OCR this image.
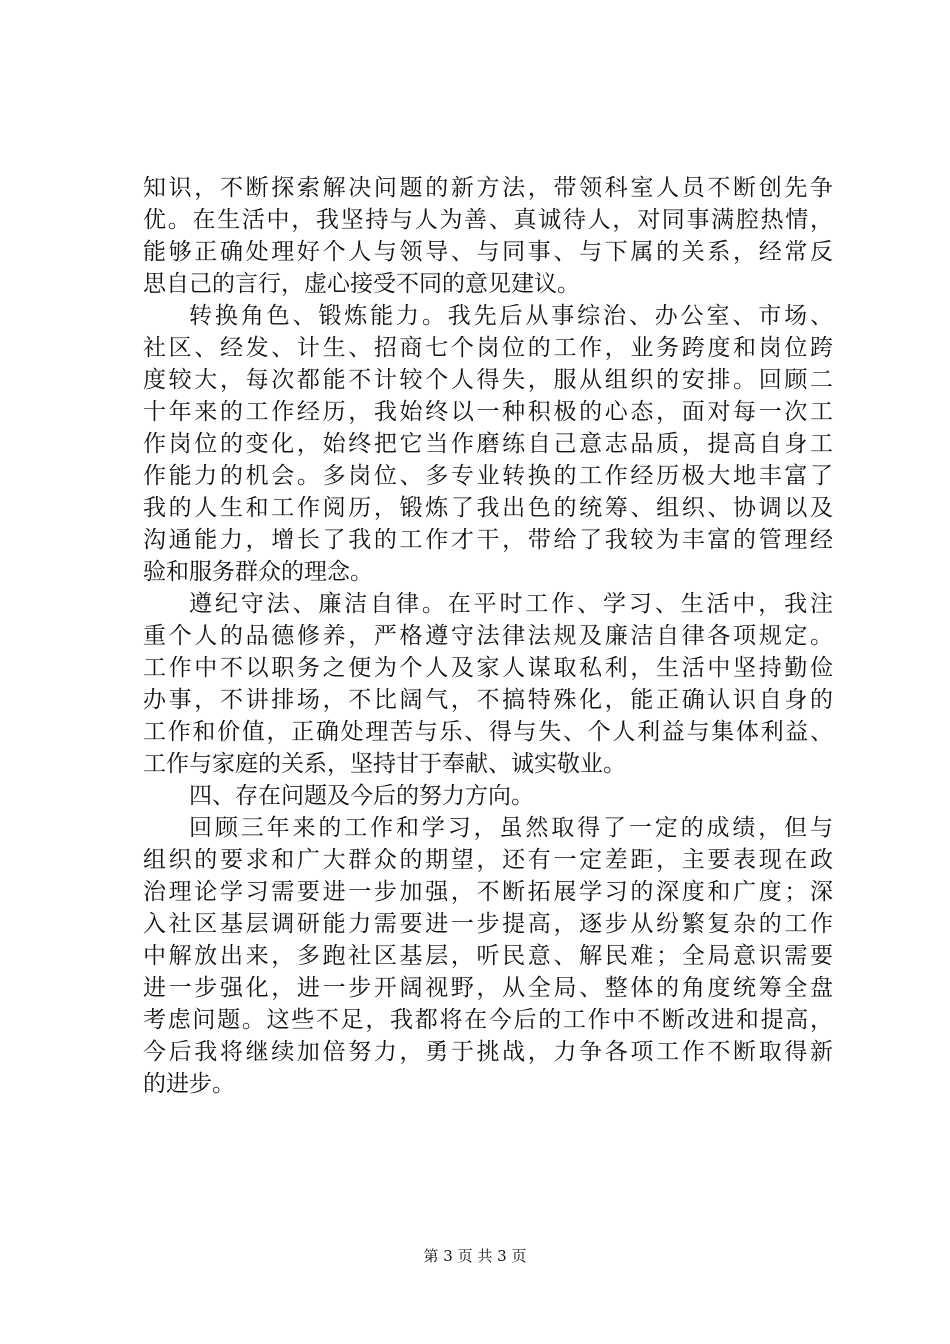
知识，不断探索解决问题的新方法，带领科室人员不断创先争
优。在生活中，我坚持与人为善、真诚待人，对同事满腔热情，
能够正确处理好个人与领导、与同事、与下属的关系，经常反
思自己的言行，虚心接受不同的意见建议。
转换角色、锻炼能力。我先后从事综治、办公室、市场、
社区、经发、计生、招商七个岗位的工作，业务跨度和岗位跨
度较大，每次都能不计较个人得失，服从组织的安排。回顾二
十年来的工作经历，我始终以一种积极的心态，面对每一次工
作岗位的变化，始终把它当作磨练自己意志品质，提高自身工
作能力的机会。多岗位、多专业转换的工作经历极大地丰富了
我的人生和工作阅历，锻炼了我出色的统筹、组织、协调以及
沟通能力，增长了我的工作才干，带给了我较为丰富的管理经
验和服务群众的理念。
遵纪守法、廉洁自律。在平时工作、学习、生活中，我注
重个人的品德修养，严格遵守法律法规及廉洁自律各项规定。
工作中不以职务之便为个人及家人谋取私利，生活中坚持勤俭
办事，不讲排场，不比阔气，不搞特殊化，能正确认识自身的
工作和价值，正确处理苦与乐、得与失、个人利益与集体利益、
工作与家庭的关系，坚持甘于奉献、诚实敬业。
四、存在问题及今后的努力方向。
回顾三年来的工作和学习，虽然取得了一定的成绩，但与
组织的要求和广大群众的期望，还有一定差距，主要表现在政
治理论学习需要进一步加强，不断拓展学习的深度和广度；深
入社区基层调研能力需要进一步提高，逐步从纷繁复杂的工作
中解放出来，多跑社区基层，听民意、解民难；全局意识需要
进一步强化，进一步开阔视野，从全局、整体的角度统筹全盘
考虑问题。这些不足，我都将在今后的工作中不断改进和提高，
今后我将继续加倍努力，勇于挑战，力争各项工作不断取得新
的进步。
第 3 页 共 3 页
